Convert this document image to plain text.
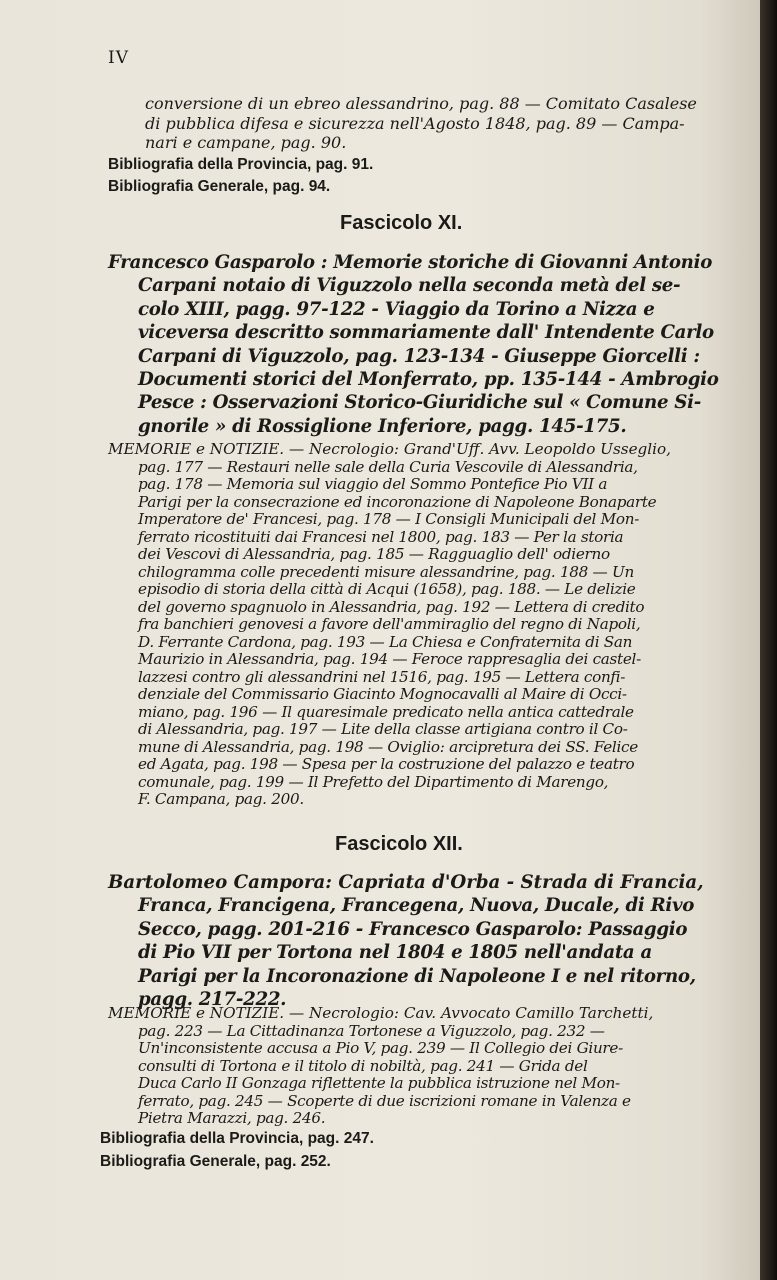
IV
conversione di un ebreo alessandrino, pag. 88 — Comitato Casalese
di pubblica difesa e sicurezza nell'Agosto 1848, pag. 89 — Campa-
nari e campane, pag. 90.
Bibliografia della Provincia, pag. 91.
Bibliografia Generale, pag. 94.
Fascicolo XI.
Francesco Gasparolo : Memorie storiche di Giovanni Antonio
Carpani notaio di Viguzzolo nella seconda metà del se-
colo XIII, pagg. 97-122 - Viaggio da Torino a Nizza e
viceversa descritto sommariamente dall' Intendente Carlo
Carpani di Viguzzolo, pag. 123-134 - Giuseppe Giorcelli :
Documenti storici del Monferrato, pp. 135-144 - Ambrogio
Pesce : Osservazioni Storico-Giuridiche sul « Comune Si-
gnorile » di Rossiglione Inferiore, pagg. 145-175.
MEMORIE e NOTIZIE. — Necrologio: Grand'Uff. Avv. Leopoldo Usseglio,
pag. 177 — Restauri nelle sale della Curia Vescovile di Alessandria,
pag. 178 — Memoria sul viaggio del Sommo Pontefice Pio VII a
Parigi per la consecrazione ed incoronazione di Napoleone Bonaparte
Imperatore de' Francesi, pag. 178 — I Consigli Municipali del Mon-
ferrato ricostituiti dai Francesi nel 1800, pag. 183 — Per la storia
dei Vescovi di Alessandria, pag. 185 — Ragguaglio dell' odierno
chilogramma colle precedenti misure alessandrine, pag. 188 — Un
episodio di storia della città di Acqui (1658), pag. 188. — Le delizie
del governo spagnuolo in Alessandria, pag. 192 — Lettera di credito
fra banchieri genovesi a favore dell'ammiraglio del regno di Napoli,
D. Ferrante Cardona, pag. 193 — La Chiesa e Confraternita di San
Maurizio in Alessandria, pag. 194 — Feroce rappresaglia dei castel-
lazzesi contro gli alessandrini nel 1516, pag. 195 — Lettera confi-
denziale del Commissario Giacinto Mognocavalli al Maire di Occi-
miano, pag. 196 — Il quaresimale predicato nella antica cattedrale
di Alessandria, pag. 197 — Lite della classe artigiana contro il Co-
mune di Alessandria, pag. 198 — Oviglio: arcipretura dei SS. Felice
ed Agata, pag. 198 — Spesa per la costruzione del palazzo e teatro
comunale, pag. 199 — Il Prefetto del Dipartimento di Marengo,
F. Campana, pag. 200.
Fascicolo XII.
Bartolomeo Campora: Capriata d'Orba - Strada di Francia,
Franca, Francigena, Francegena, Nuova, Ducale, di Rivo
Secco, pagg. 201-216 - Francesco Gasparolo: Passaggio
di Pio VII per Tortona nel 1804 e 1805 nell'andata a
Parigi per la Incoronazione di Napoleone I e nel ritorno,
pagg. 217-222.
MEMORIE e NOTIZIE. — Necrologio: Cav. Avvocato Camillo Tarchetti,
pag. 223 — La Cittadinanza Tortonese a Viguzzolo, pag. 232 —
Un'inconsistente accusa a Pio V, pag. 239 — Il Collegio dei Giure-
consulti di Tortona e il titolo di nobiltà, pag. 241 — Grida del
Duca Carlo II Gonzaga riflettente la pubblica istruzione nel Mon-
ferrato, pag. 245 — Scoperte di due iscrizioni romane in Valenza e
Pietra Marazzi, pag. 246.
Bibliografia della Provincia, pag. 247.
Bibliografia Generale, pag. 252.
